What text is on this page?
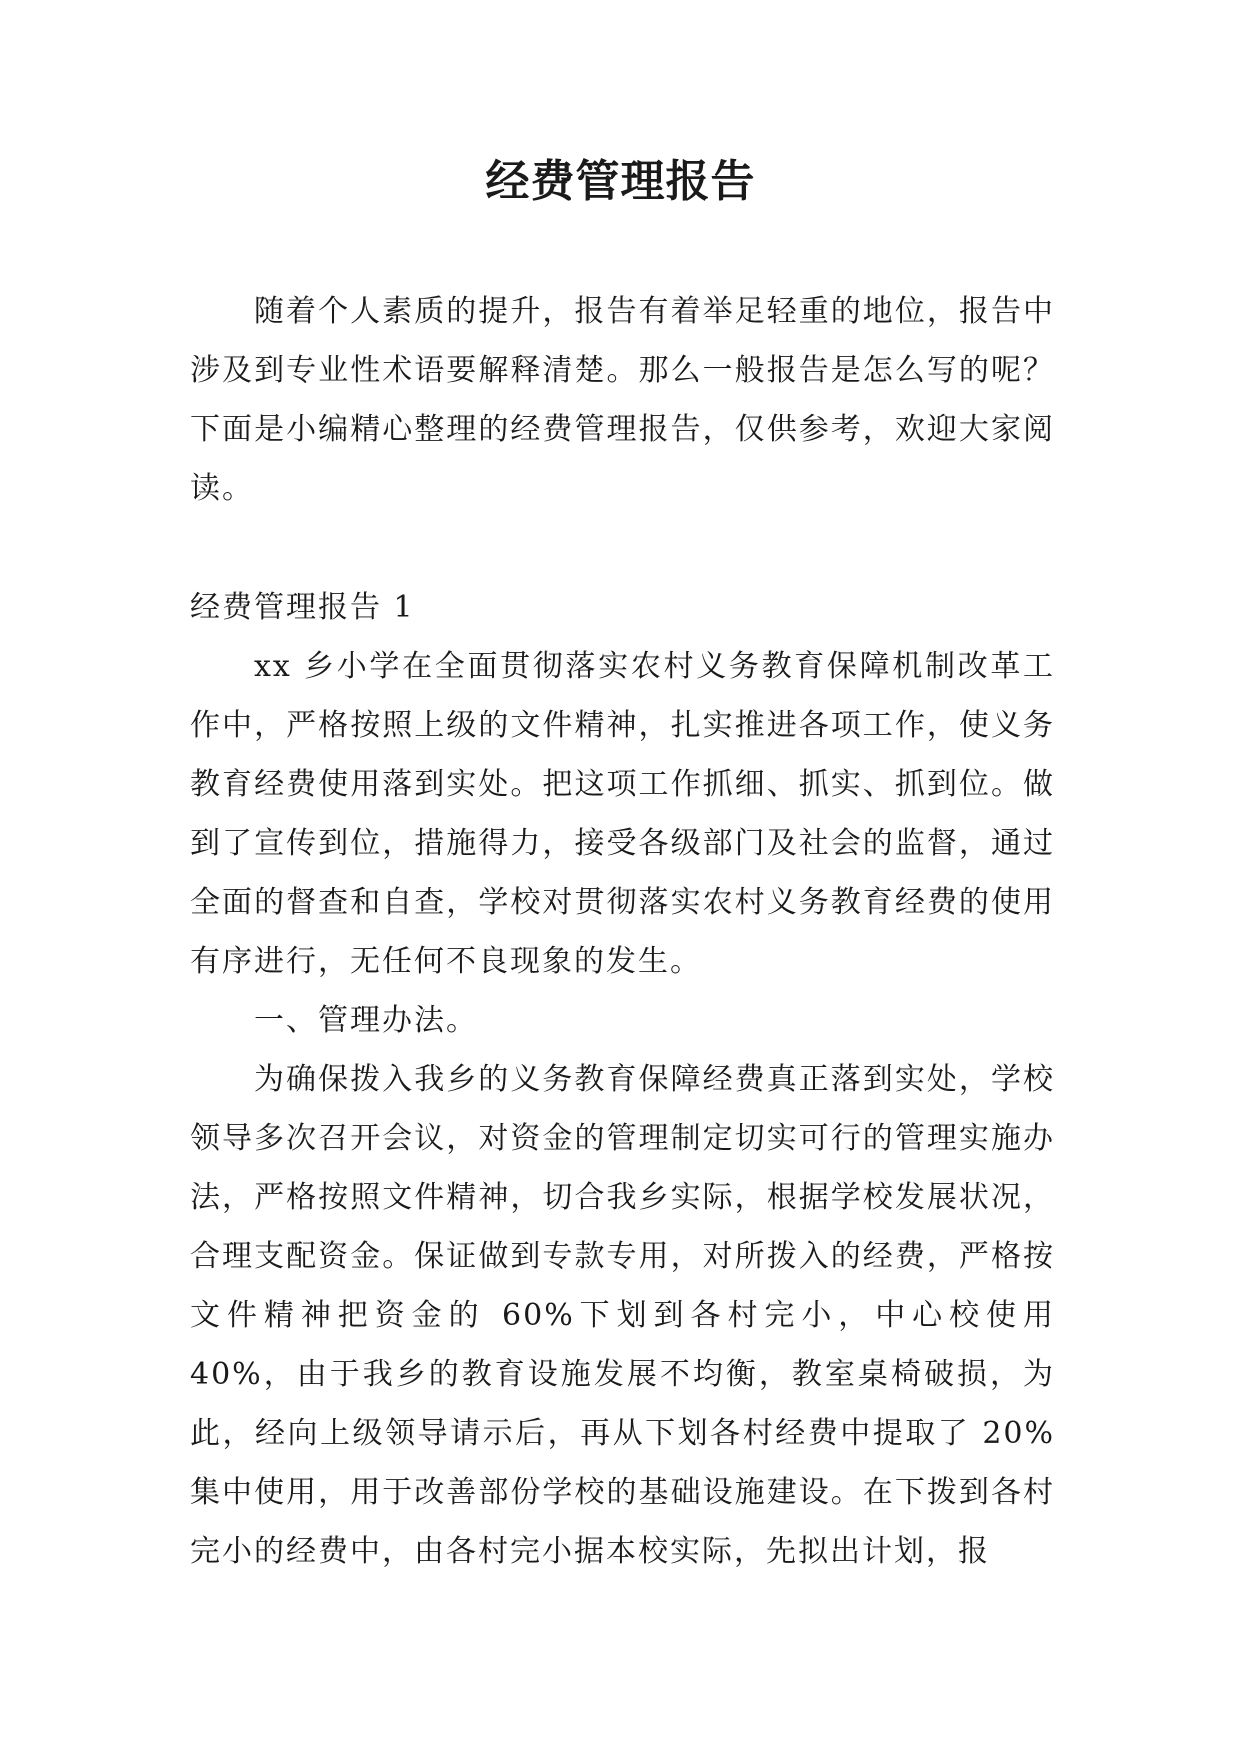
经费管理报告

随着个人素质的提升，报告有着举足轻重的地位，报告中涉及到专业性术语要解释清楚。那么一般报告是怎么写的呢？下面是小编精心整理的经费管理报告，仅供参考，欢迎大家阅读。

经费管理报告 1

xx 乡小学在全面贯彻落实农村义务教育保障机制改革工作中，严格按照上级的文件精神，扎实推进各项工作，使义务教育经费使用落到实处。把这项工作抓细、抓实、抓到位。做到了宣传到位，措施得力，接受各级部门及社会的监督，通过全面的督查和自查，学校对贯彻落实农村义务教育经费的使用有序进行，无任何不良现象的发生。

一、管理办法。

为确保拨入我乡的义务教育保障经费真正落到实处，学校领导多次召开会议，对资金的管理制定切实可行的管理实施办法，严格按照文件精神，切合我乡实际，根据学校发展状况，合理支配资金。保证做到专款专用，对所拨入的经费，严格按文件精神把资金的 60%下划到各村完小，中心校使用 40%，由于我乡的教育设施发展不均衡，教室桌椅破损，为此，经向上级领导请示后，再从下划各村经费中提取了 20%集中使用，用于改善部份学校的基础设施建设。在下拨到各村完小的经费中，由各村完小据本校实际，先拟出计划，报
